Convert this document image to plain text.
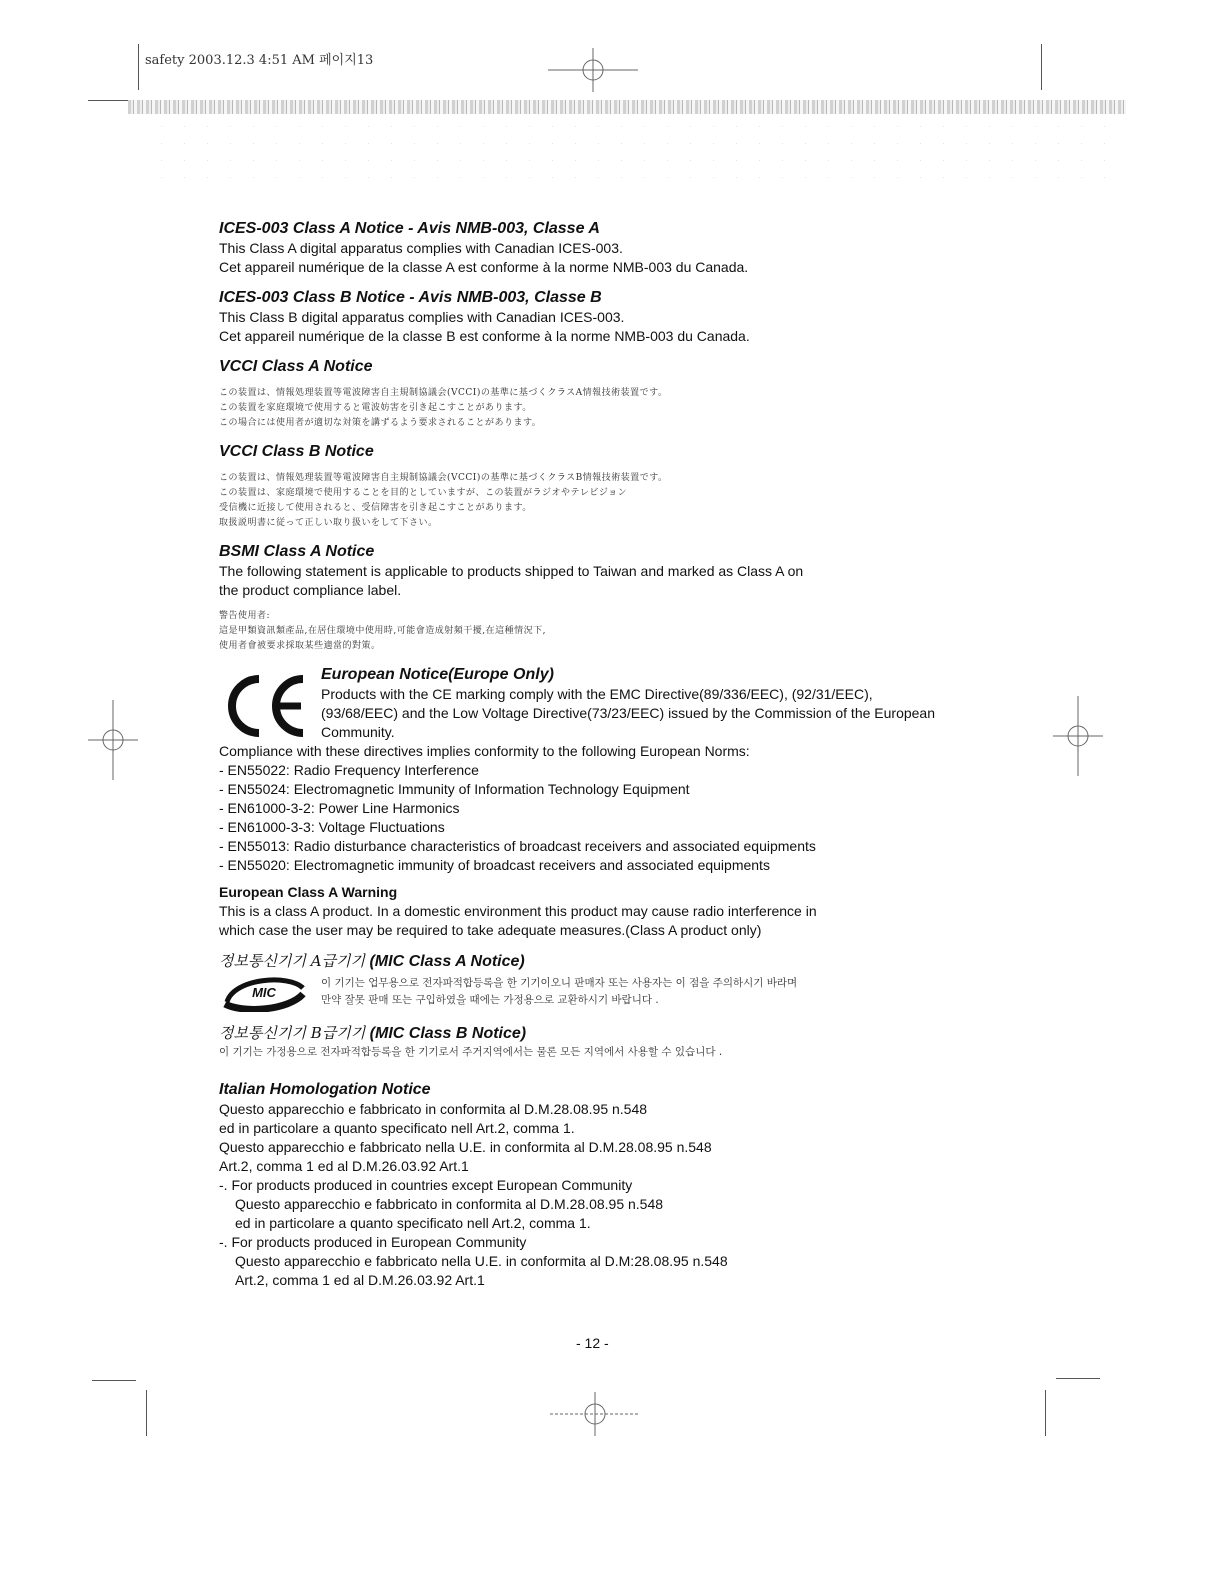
safety 2003.12.3 4:51 AM 페이지13
ICES-003 Class A Notice - Avis NMB-003, Classe A
This Class A digital apparatus complies with Canadian ICES-003.
Cet appareil numérique de la classe A est conforme à la norme NMB-003 du Canada.
ICES-003 Class B Notice - Avis NMB-003, Classe B
This Class B digital apparatus complies with Canadian ICES-003.
Cet appareil numérique de la classe B est conforme à la norme NMB-003 du Canada.
VCCI Class A Notice
この装置は、情報処理装置等電波障害自主規制協議会(VCCI)の基準に基づくクラスA情報技術装置です。
この装置を家庭環境で使用すると電波妨害を引き起こすことがあります。
この場合には使用者が適切な対策を講ずるよう要求されることがあります。
VCCI Class B Notice
この装置は、情報処理装置等電波障害自主規制協議会(VCCI)の基準に基づくクラスB情報技術装置です。
この装置は、家庭環境で使用することを目的としていますが、この装置がラジオやテレビジョン
受信機に近接して使用されると、受信障害を引き起こすことがあります。
取扱説明書に従って正しい取り扱いをして下さい。
BSMI Class A Notice
The following statement is applicable to products shipped to Taiwan and marked as Class A on
the product compliance label.
警告使用者:
這是甲類資訊類產品,在居住環境中使用時,可能會造成射頻干擾,在這種情況下,
使用者會被要求採取某些適當的對策。
European Notice(Europe Only)
Products with the CE marking comply with the EMC Directive(89/336/EEC), (92/31/EEC),
(93/68/EEC) and the Low Voltage Directive(73/23/EEC) issued by the Commission of the European
Community.
Compliance with these directives implies conformity to the following European Norms:
- EN55022: Radio Frequency Interference
- EN55024: Electromagnetic Immunity of Information Technology Equipment
- EN61000-3-2: Power Line Harmonics
- EN61000-3-3: Voltage Fluctuations
- EN55013: Radio disturbance characteristics of broadcast receivers and associated equipments
- EN55020: Electromagnetic immunity of broadcast receivers and associated equipments
European Class A Warning
This is a class A product. In a domestic environment this product may cause radio interference in
which case the user may be required to take adequate measures.(Class A product only)
정보통신기기 A급기기 (MIC Class A Notice)
MIC
이 기기는 업무용으로 전자파적합등록을 한 기기이오니 판매자 또는 사용자는 이 점을 주의하시기 바라며
만약 잘못 판매 또는 구입하였을 때에는 가정용으로 교환하시기 바랍니다 .
정보통신기기 B급기기 (MIC Class B Notice)
이 기기는 가정용으로 전자파적합등록을 한 기기로서 주거지역에서는 물론 모든 지역에서 사용할 수 있습니다 .
Italian Homologation Notice
Questo apparecchio e fabbricato in conformita al D.M.28.08.95 n.548
ed in particolare a quanto specificato nell Art.2, comma 1.
Questo apparecchio e fabbricato nella U.E. in conformita al D.M.28.08.95 n.548
Art.2, comma 1 ed al D.M.26.03.92 Art.1
-. For products produced in countries except European Community
Questo apparecchio e fabbricato in conformita al D.M.28.08.95 n.548
ed in particolare a quanto specificato nell Art.2, comma 1.
-. For products produced in European Community
Questo apparecchio e fabbricato nella U.E. in conformita al D.M:28.08.95 n.548
Art.2, comma 1 ed al D.M.26.03.92 Art.1
- 12 -
